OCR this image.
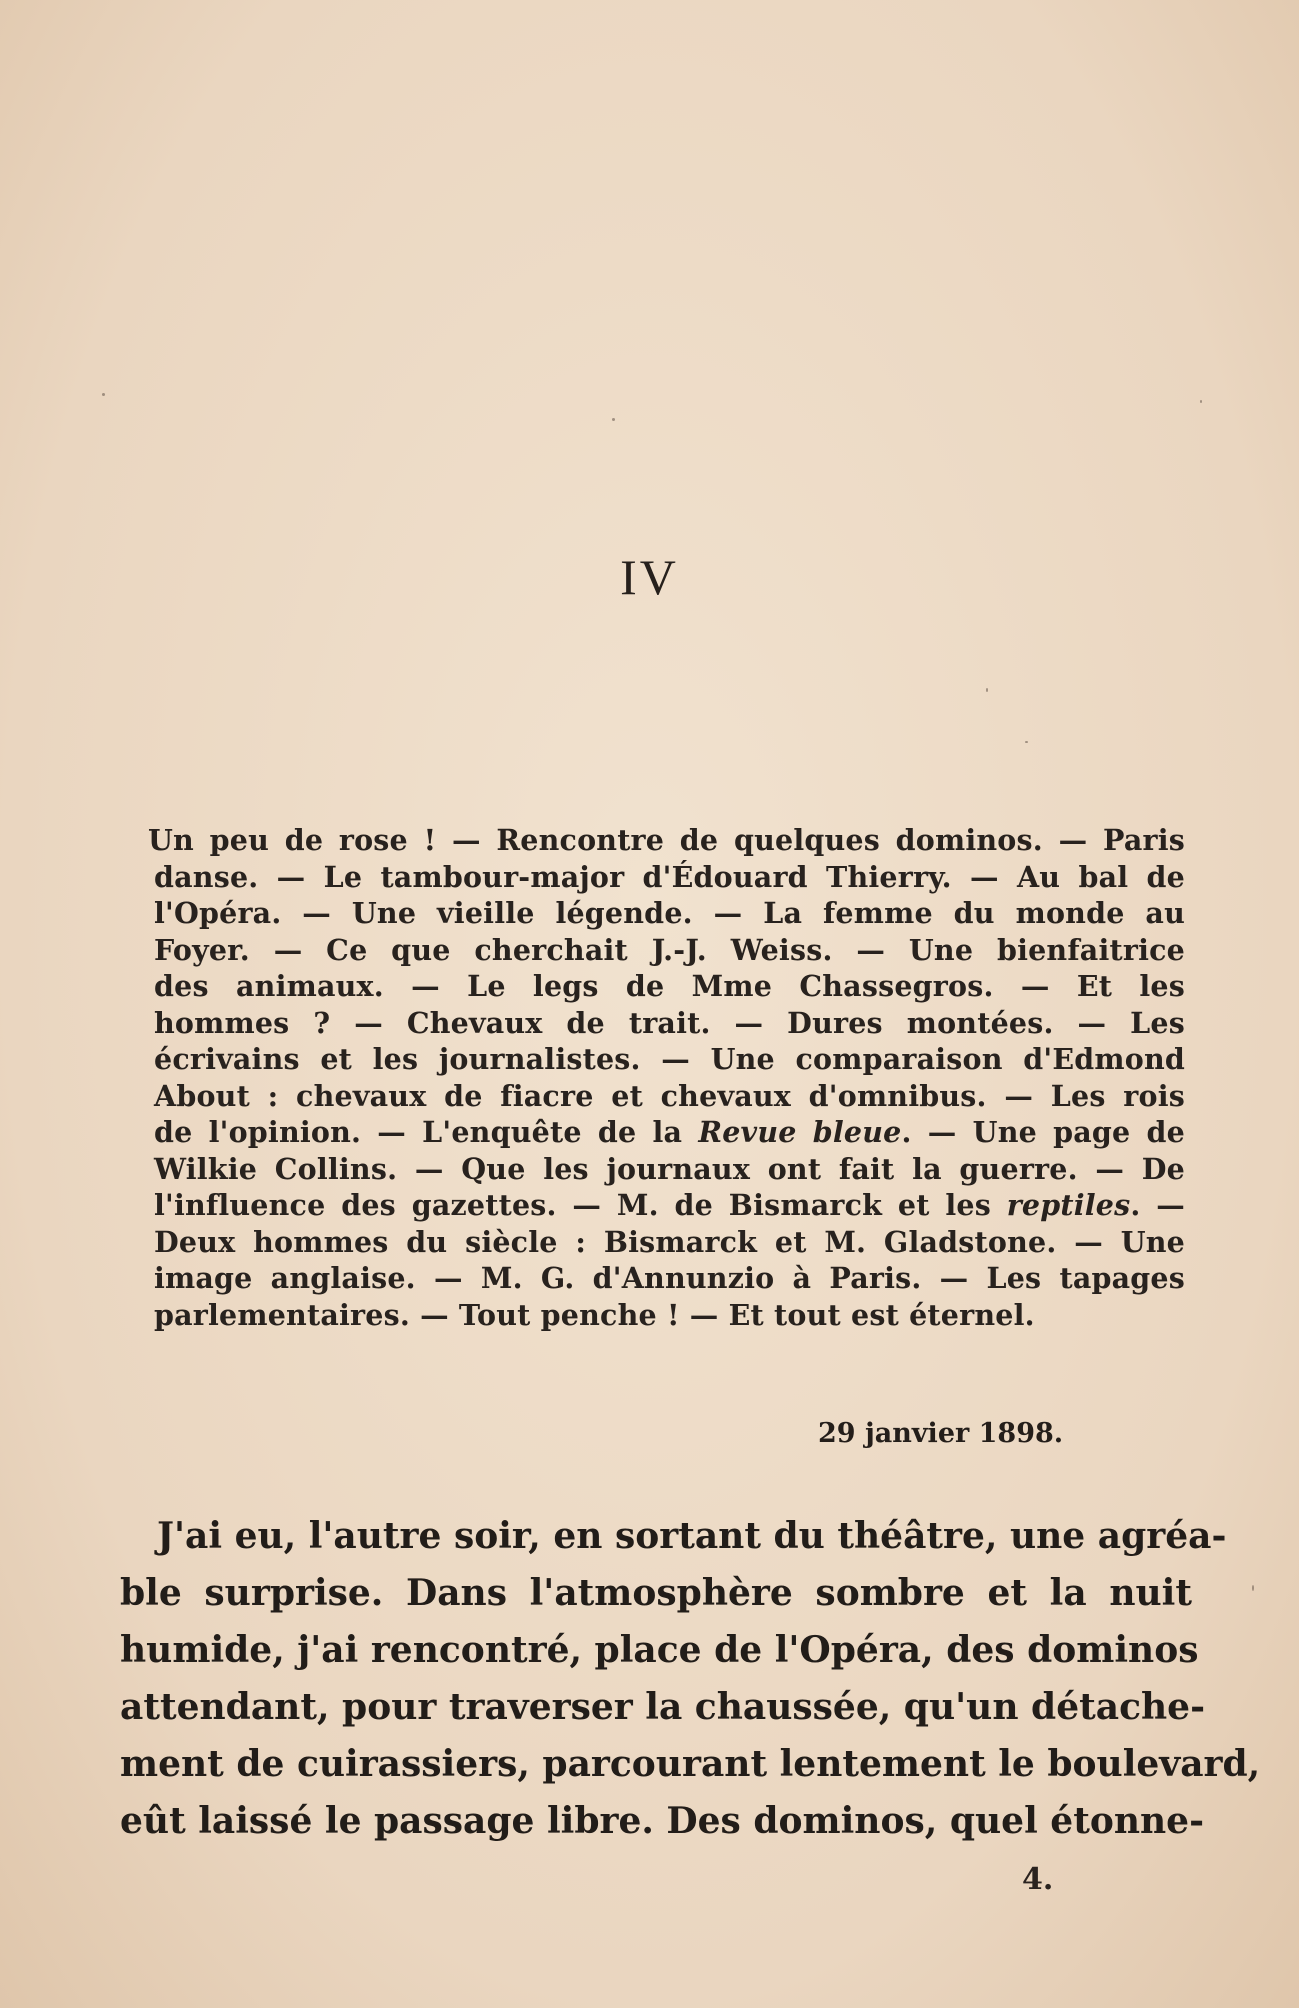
IV
Un peu de rose ! — Rencontre de quelques dominos. — Paris
danse. — Le tambour-major d'Édouard Thierry. — Au bal de
l'Opéra. — Une vieille légende. — La femme du monde au
Foyer. — Ce que cherchait J.-J. Weiss. — Une bienfaitrice
des animaux. — Le legs de Mme Chassegros. — Et les
hommes ? — Chevaux de trait. — Dures montées. — Les
écrivains et les journalistes. — Une comparaison d'Edmond
About : chevaux de fiacre et chevaux d'omnibus. — Les rois
de l'opinion. — L'enquête de la Revue bleue. — Une page de
Wilkie Collins. — Que les journaux ont fait la guerre. — De
l'influence des gazettes. — M. de Bismarck et les reptiles. —
Deux hommes du siècle : Bismarck et M. Gladstone. — Une
image anglaise. — M. G. d'Annunzio à Paris. — Les tapages
parlementaires. — Tout penche ! — Et tout est éternel.
29 janvier 1898.
J'ai eu, l'autre soir, en sortant du théâtre, une agréa-
ble surprise. Dans l'atmosphère sombre et la nuit
humide, j'ai rencontré, place de l'Opéra, des dominos
attendant, pour traverser la chaussée, qu'un détache-
ment de cuirassiers, parcourant lentement le boulevard,
eût laissé le passage libre. Des dominos, quel étonne-
4.
